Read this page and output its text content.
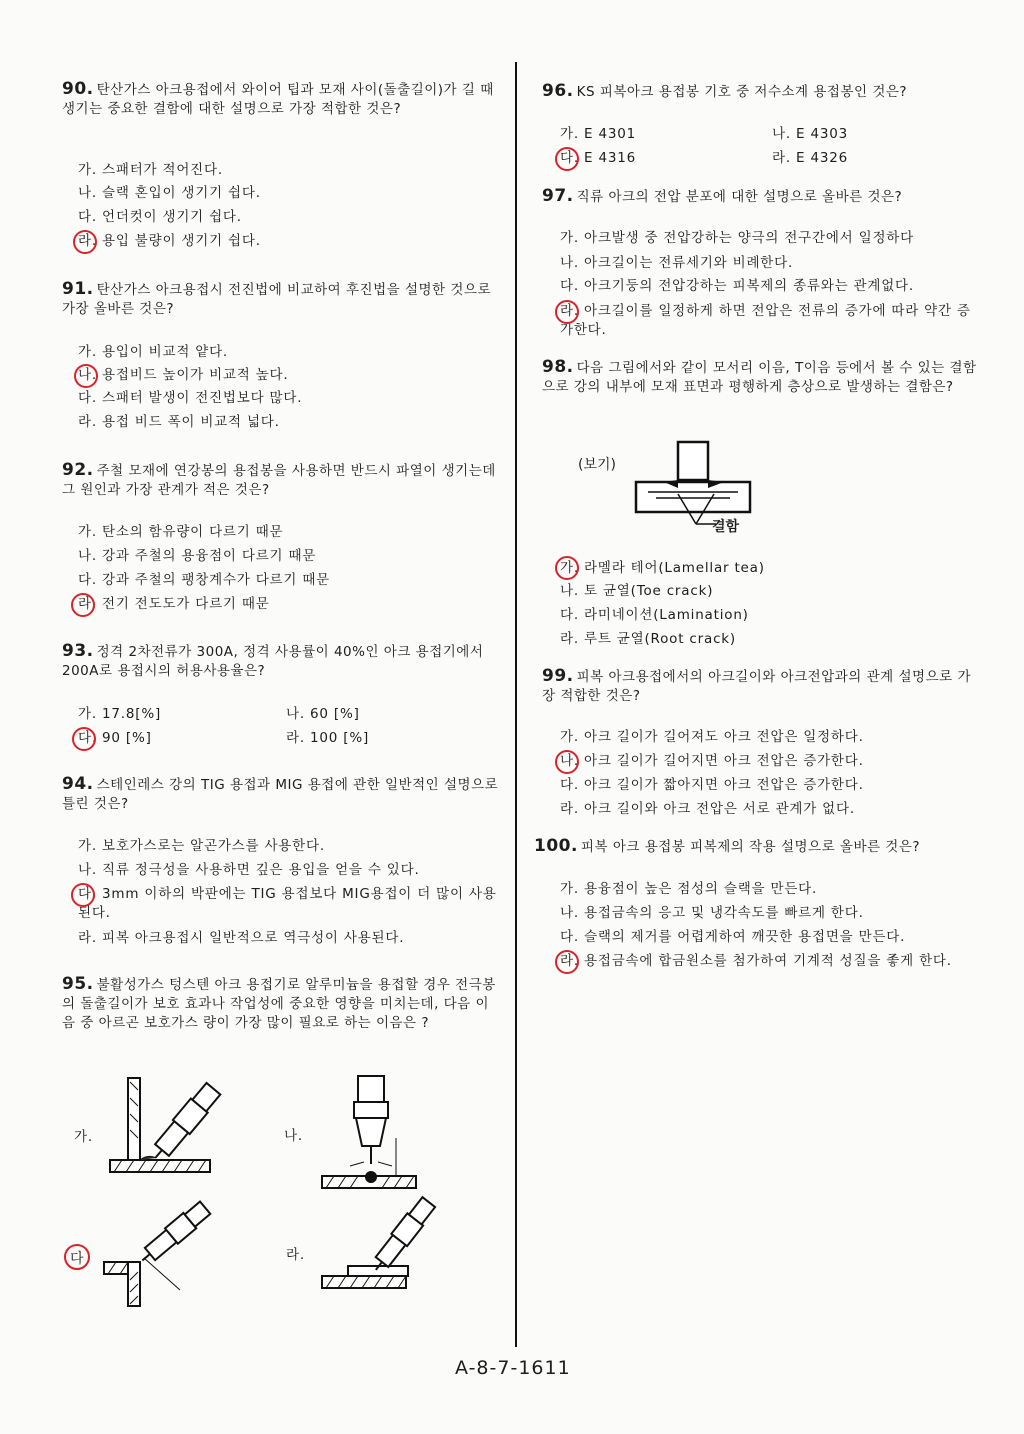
90. 탄산가스 아크용접에서 와이어 팁과 모재 사이(돌출길이)가 길 때 생기는 중요한 결함에 대한 설명으로 가장 적합한 것은?
가. 스패터가 적어진다.
나. 슬랙 혼입이 생기기 쉽다.
다. 언더컷이 생기기 쉽다.
라. 용입 불량이 생기기 쉽다.
91. 탄산가스 아크용접시 전진법에 비교하여 후진법을 설명한 것으로 가장 올바른 것은?
가. 용입이 비교적 얕다.
나. 용접비드 높이가 비교적 높다.
다. 스패터 발생이 전진법보다 많다.
라. 용접 비드 폭이 비교적 넓다.
92. 주철 모재에 연강봉의 용접봉을 사용하면 반드시 파열이 생기는데 그 원인과 가장 관계가 적은 것은?
가. 탄소의 함유량이 다르기 때문
나. 강과 주철의 용융점이 다르기 때문
다. 강과 주철의 팽창계수가 다르기 때문
라. 전기 전도도가 다르기 때문
93. 정격 2차전류가 300A, 정격 사용률이 40%인 아크 용접기에서 200A로 용접시의 허용사용율은?
가. 17.8[%]	나. 60 [%]
다. 90 [%]	라. 100 [%]
94. 스테인레스 강의 TIG 용접과 MIG 용접에 관한 일반적인 설명으로 틀린 것은?
가. 보호가스로는 알곤가스를 사용한다.
나. 직류 정극성을 사용하면 깊은 용입을 얻을 수 있다.
다. 3mm 이하의 박판에는 TIG 용접보다 MIG용접이 더 많이 사용된다.
라. 피복 아크용접시 일반적으로 역극성이 사용된다.
95. 불활성가스 텅스텐 아크 용접기로 알루미늄을 용접할 경우 전극봉의 돌출길이가 보호 효과나 작업성에 중요한 영향을 미치는데, 다음 이음 중 아르곤 보호가스 량이 가장 많이 필요로 하는 이음은 ?
가.	나.
라.
다
96. KS 피복아크 용접봉 기호 중 저수소계 용접봉인 것은?
가. E 4301	나. E 4303
다. E 4316	라. E 4326
97. 직류 아크의 전압 분포에 대한 설명으로 올바른 것은?
가. 아크발생 중 전압강하는 양극의 전구간에서 일정하다
나. 아크길이는 전류세기와 비례한다.
다. 아크기둥의 전압강하는 피복제의 종류와는 관계없다.
라. 아크길이를 일정하게 하면 전압은 전류의 증가에 따라 약간 증가한다.
98. 다음 그림에서와 같이 모서리 이음, T이음 등에서 볼 수 있는 결함으로 강의 내부에 모재 표면과 평행하게 층상으로 발생하는 결함은?
(보기)
결함
가. 라멜라 테어(Lamellar tea)
나. 토 균열(Toe crack)
다. 라미네이션(Lamination)
라. 루트 균열(Root crack)
99. 피복 아크용접에서의 아크길이와 아크전압과의 관계 설명으로 가장 적합한 것은?
가. 아크 길이가 길어져도 아크 전압은 일정하다.
나. 아크 길이가 길어지면 아크 전압은 증가한다.
다. 아크 길이가 짧아지면 아크 전압은 증가한다.
라. 아크 길이와 아크 전압은 서로 관계가 없다.
100. 피복 아크 용접봉 피복제의 작용 설명으로 올바른 것은?
가. 용융점이 높은 점성의 슬랙을 만든다.
나. 용접금속의 응고 및 냉각속도를 빠르게 한다.
다. 슬랙의 제거를 어렵게하여 깨끗한 용접면을 만든다.
라. 용접금속에 합금원소를 첨가하여 기계적 성질을 좋게 한다.
A-8-7-1611
